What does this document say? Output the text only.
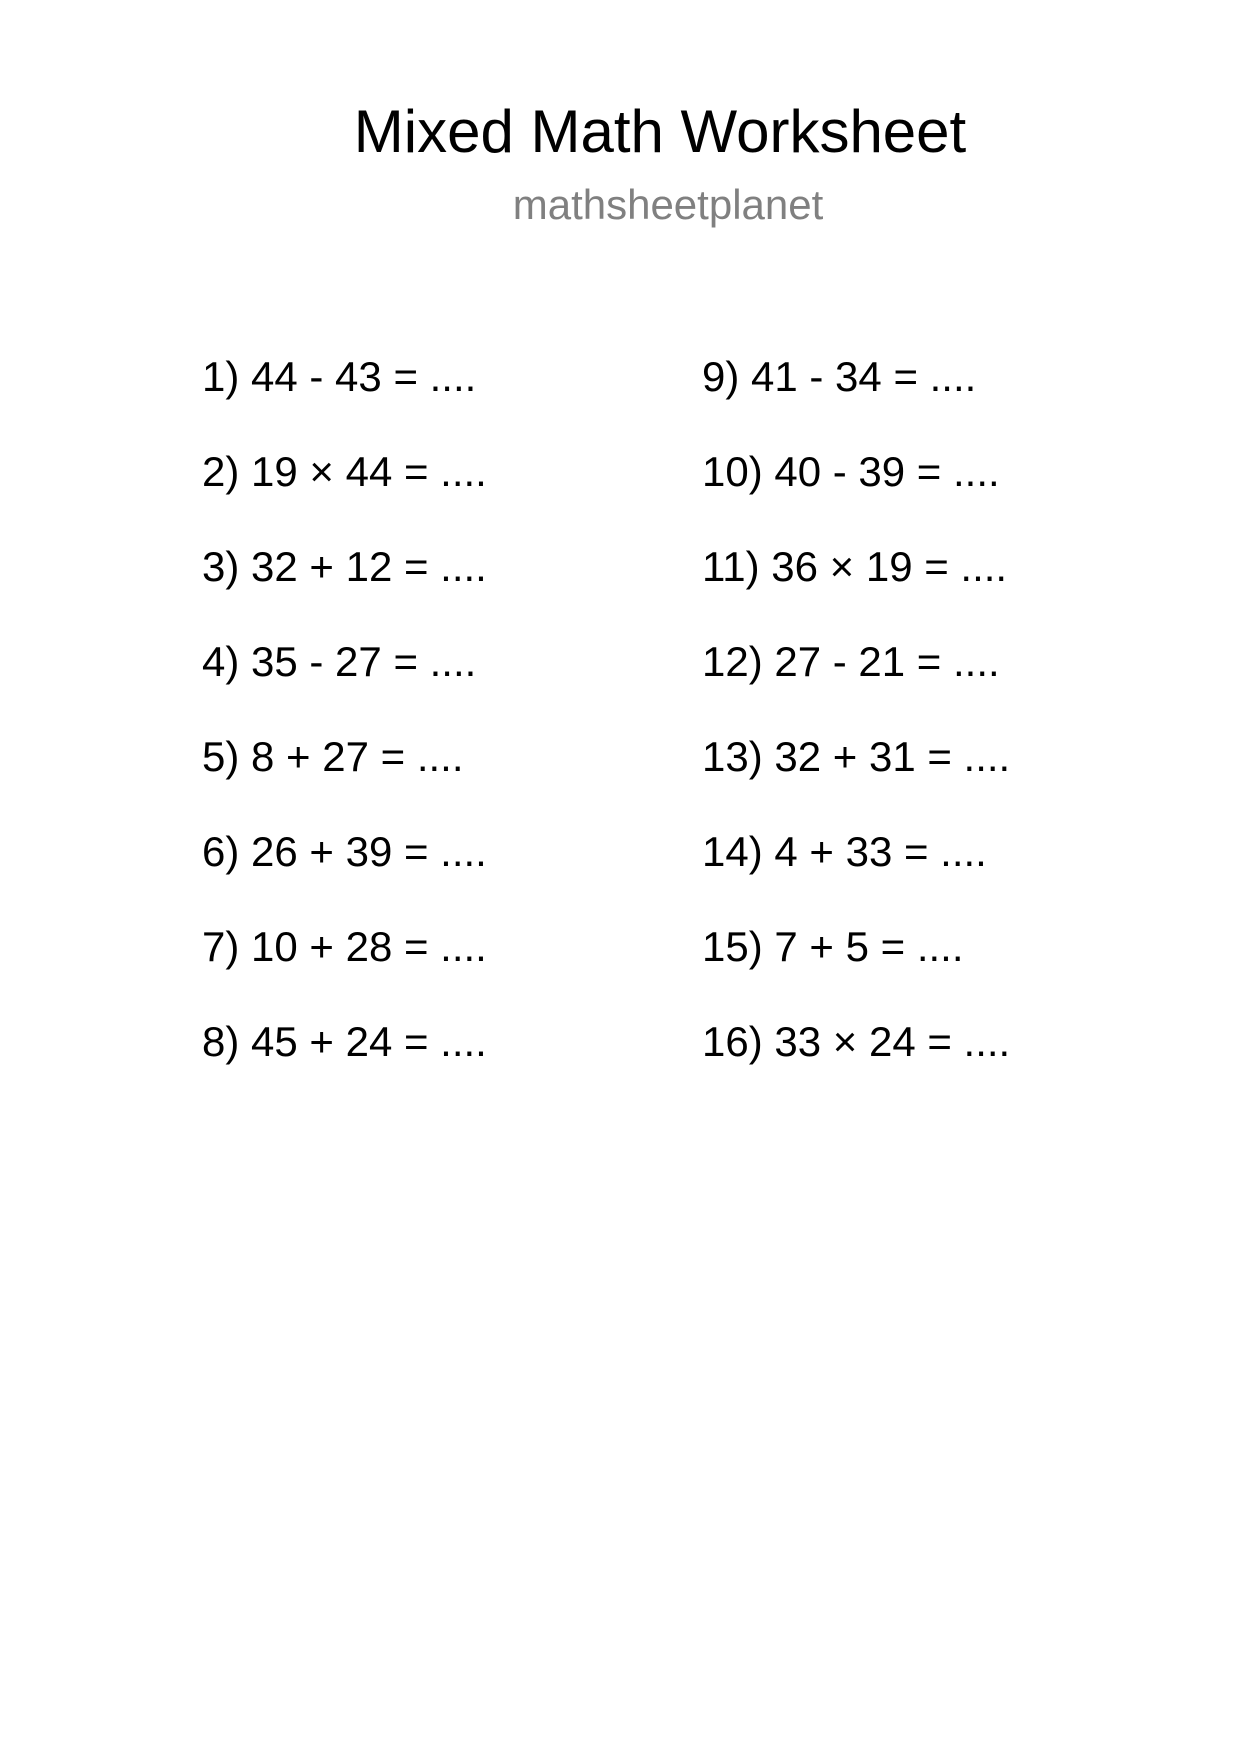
Mixed Math Worksheet
mathsheetplanet
1) 44 - 43 = ....
2) 19 × 44 = ....
3) 32 + 12 = ....
4) 35 - 27 = ....
5) 8 + 27 = ....
6) 26 + 39 = ....
7) 10 + 28 = ....
8) 45 + 24 = ....
9) 41 - 34 = ....
10) 40 - 39 = ....
11) 36 × 19 = ....
12) 27 - 21 = ....
13) 32 + 31 = ....
14) 4 + 33 = ....
15) 7 + 5 = ....
16) 33 × 24 = ....
